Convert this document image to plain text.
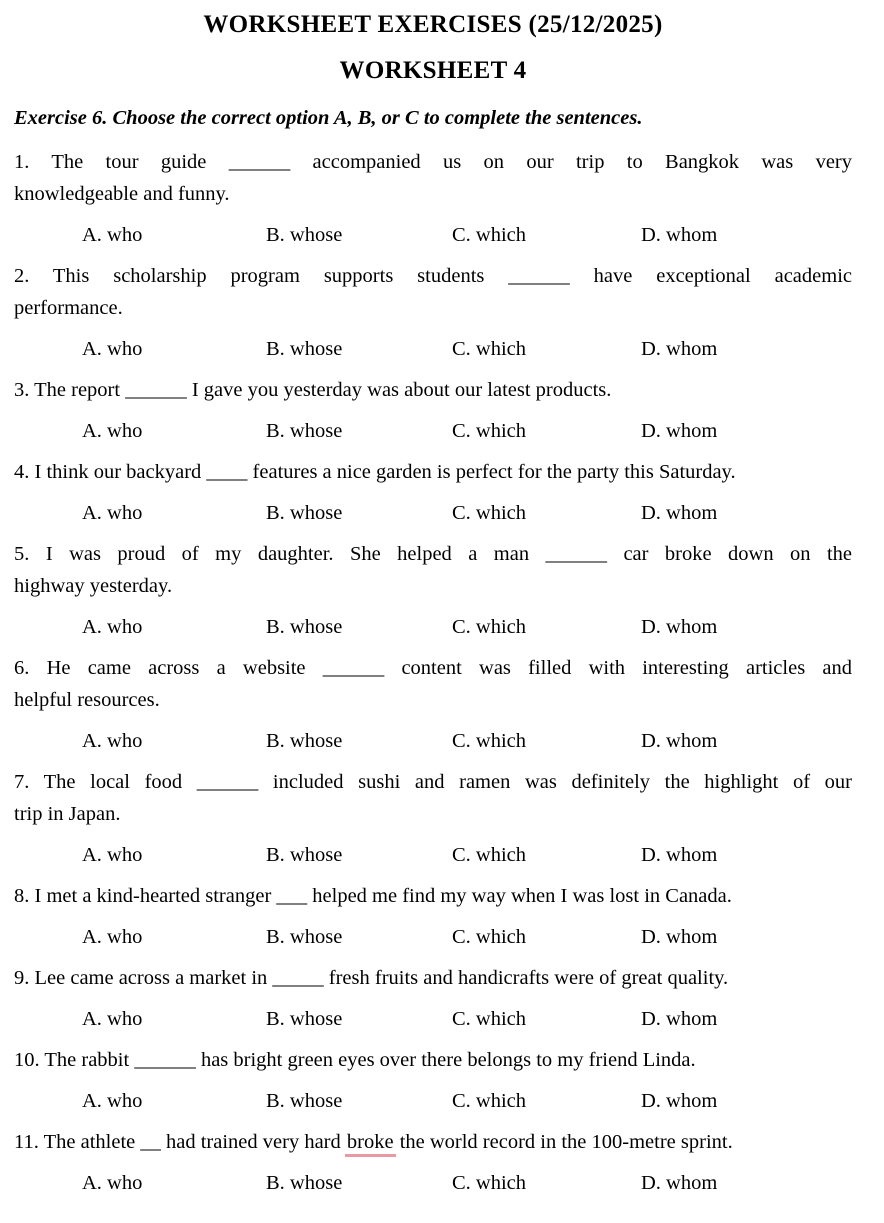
WORKSHEET EXERCISES (25/12/2025)
WORKSHEET 4

Exercise 6. Choose the correct option A, B, or C to complete the sentences.

1. The tour guide ______ accompanied us on our trip to Bangkok was very
knowledgeable and funny.
A. who	B. whose	C. which	D. whom
2. This scholarship program supports students ______ have exceptional academic
performance.
A. who	B. whose	C. which	D. whom
3. The report ______ I gave you yesterday was about our latest products.
A. who	B. whose	C. which	D. whom
4. I think our backyard ____ features a nice garden is perfect for the party this Saturday.
A. who	B. whose	C. which	D. whom
5. I was proud of my daughter. She helped a man ______ car broke down on the
highway yesterday.
A. who	B. whose	C. which	D. whom
6. He came across a website ______ content was filled with interesting articles and
helpful resources.
A. who	B. whose	C. which	D. whom
7. The local food ______ included sushi and ramen was definitely the highlight of our
trip in Japan.
A. who	B. whose	C. which	D. whom
8. I met a kind-hearted stranger ___ helped me find my way when I was lost in Canada.
A. who	B. whose	C. which	D. whom
9. Lee came across a market in _____ fresh fruits and handicrafts were of great quality.
A. who	B. whose	C. which	D. whom
10. The rabbit ______ has bright green eyes over there belongs to my friend Linda.
A. who	B. whose	C. which	D. whom
11. The athlete __ had trained very hard broke the world record in the 100-metre sprint.
A. who	B. whose	C. which	D. whom
